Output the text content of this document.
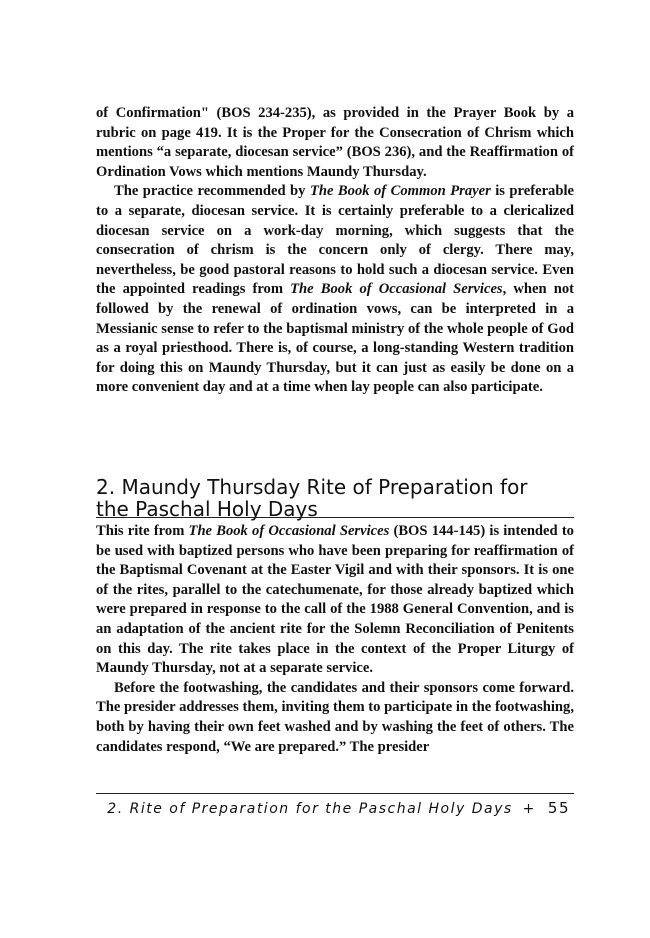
of Confirmation" (BOS 234-235), as provided in the Prayer Book by a rubric on page 419. It is the Proper for the Consecration of Chrism which mentions “a separate, diocesan service” (BOS 236), and the Reaffirmation of Ordination Vows which mentions Maundy Thursday.

The practice recommended by The Book of Common Prayer is preferable to a separate, diocesan service. It is certainly preferable to a clericalized diocesan service on a work-day morning, which suggests that the consecration of chrism is the concern only of clergy. There may, nevertheless, be good pastoral reasons to hold such a diocesan service. Even the appointed readings from The Book of Occasional Services, when not followed by the renewal of ordination vows, can be interpreted in a Messianic sense to refer to the baptismal ministry of the whole people of God as a royal priesthood. There is, of course, a long-standing Western tradition for doing this on Maundy Thursday, but it can just as easily be done on a more convenient day and at a time when lay people can also participate.

2. Maundy Thursday Rite of Preparation for
the Paschal Holy Days

This rite from The Book of Occasional Services (BOS 144-145) is intended to be used with baptized persons who have been preparing for reaffirmation of the Baptismal Covenant at the Easter Vigil and with their sponsors. It is one of the rites, parallel to the catechumenate, for those already baptized which were prepared in response to the call of the 1988 General Convention, and is an adaptation of the ancient rite for the Solemn Reconciliation of Penitents on this day. The rite takes place in the context of the Proper Liturgy of Maundy Thursday, not at a separate service.

Before the footwashing, the candidates and their sponsors come forward. The presider addresses them, inviting them to participate in the footwashing, both by having their own feet washed and by washing the feet of others. The candidates respond, “We are prepared.” The presider

2. Rite of Preparation for the Paschal Holy Days + 55
